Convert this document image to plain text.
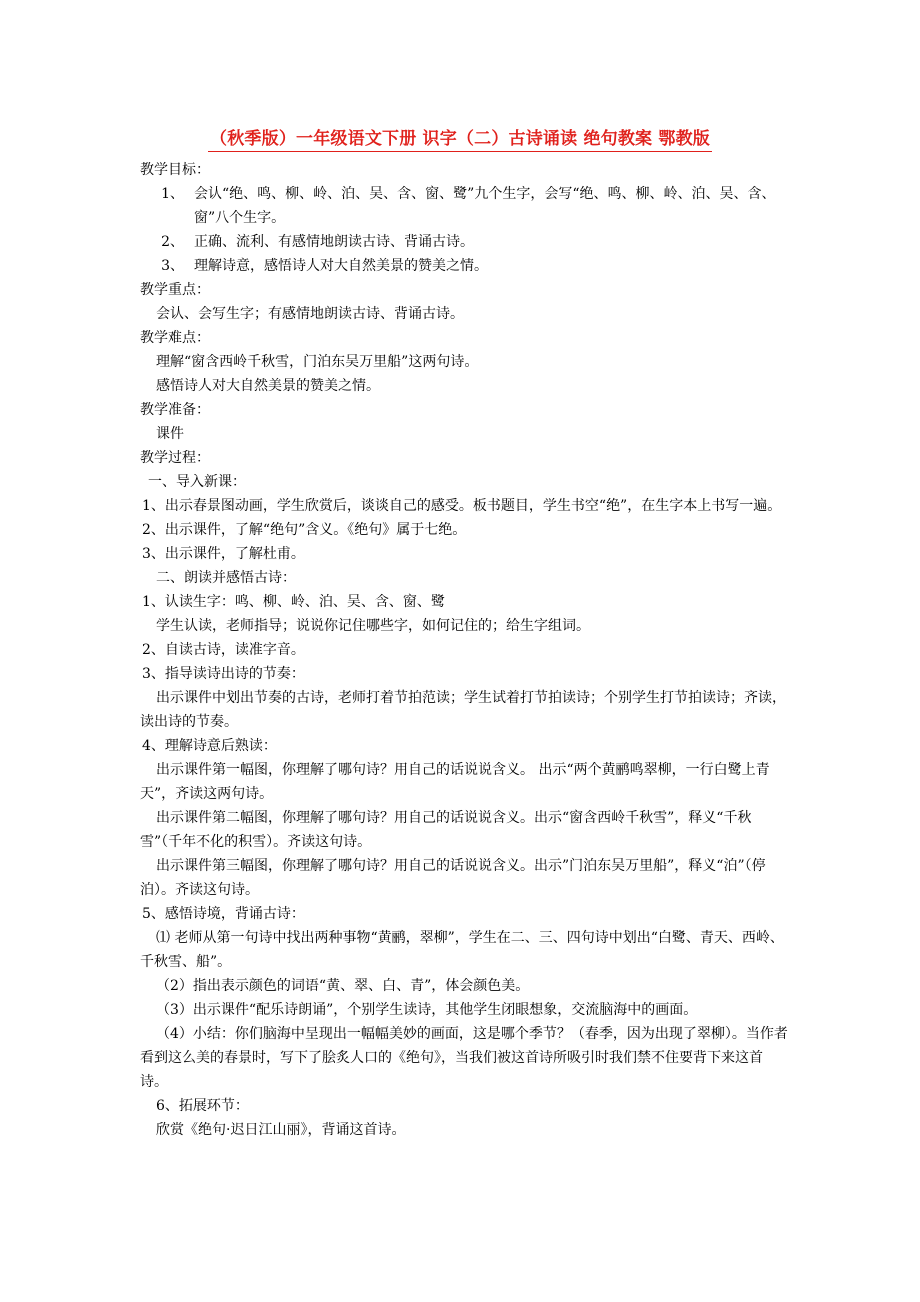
（秋季版）一年级语文下册 识字（二）古诗诵读 绝句教案 鄂教版
教学目标：
1、 会认“绝、鸣、柳、岭、泊、吴、含、窗、鹭”九个生字，会写“绝、鸣、柳、岭、泊、吴、含、窗”八个生字。
2、 正确、流利、有感情地朗读古诗、背诵古诗。
3、 理解诗意，感悟诗人对大自然美景的赞美之情。
教学重点：
会认、会写生字；有感情地朗读古诗、背诵古诗。
教学难点：
理解“窗含西岭千秋雪，门泊东吴万里船”这两句诗。
感悟诗人对大自然美景的赞美之情。
教学准备：
课件
教学过程：
一、导入新课：
1、出示春景图动画，学生欣赏后，谈谈自己的感受。板书题目，学生书空“绝”，在生字本上书写一遍。
2、出示课件，了解“绝句”含义。《绝句》属于七绝。
3、出示课件，了解杜甫。
二、朗读并感悟古诗：
1、认读生字：鸣、柳、岭、泊、吴、含、窗、鹭
学生认读，老师指导；说说你记住哪些字，如何记住的；给生字组词。
2、自读古诗，读准字音。
3、指导读诗出诗的节奏：
出示课件中划出节奏的古诗，老师打着节拍范读；学生试着打节拍读诗；个别学生打节拍读诗；齐读，读出诗的节奏。
4、理解诗意后熟读：
出示课件第一幅图，你理解了哪句诗？用自己的话说说含义。 出示“两个黄鹂鸣翠柳，一行白鹭上青天”，齐读这两句诗。
出示课件第二幅图，你理解了哪句诗？用自己的话说说含义。出示“窗含西岭千秋雪”，释义“千秋雪”（千年不化的积雪）。齐读这句诗。
出示课件第三幅图，你理解了哪句诗？用自己的话说说含义。出示”门泊东吴万里船”，释义“泊”（停泊）。齐读这句诗。
5、感悟诗境，背诵古诗：
⑴ 老师从第一句诗中找出两种事物“黄鹂，翠柳”，学生在二、三、四句诗中划出“白鹭、青天、西岭、千秋雪、船”。
（2）指出表示颜色的词语“黄、翠、白、青”，体会颜色美。
（3）出示课件“配乐诗朗诵”，个别学生读诗，其他学生闭眼想象，交流脑海中的画面。
（4）小结：你们脑海中呈现出一幅幅美妙的画面，这是哪个季节？（春季，因为出现了翠柳）。当作者看到这么美的春景时，写下了脍炙人口的《绝句》，当我们被这首诗所吸引时我们禁不住要背下来这首诗。
6、拓展环节：
欣赏《绝句·迟日江山丽》，背诵这首诗。
